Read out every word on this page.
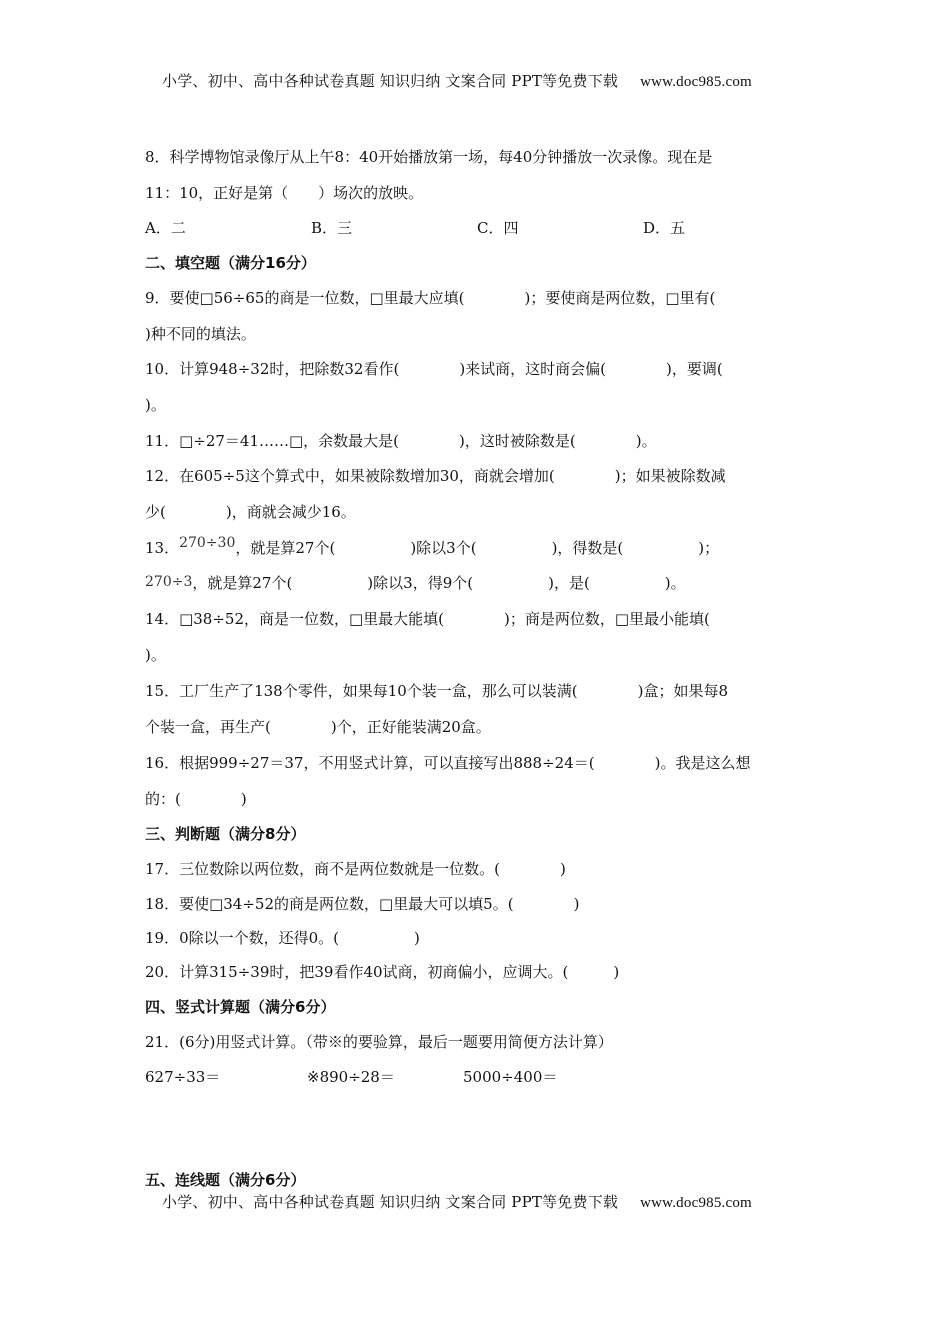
小学、初中、高中各种试卷真题 知识归纳 文案合同 PPT等免费下载 www.doc985.com
8．科学博物馆录像厅从上午8：40开始播放第一场，每40分钟播放一次录像。现在是
11：10，正好是第（　　）场次的放映。
A．二	B．三	C．四	D．五
二、填空题（满分16分）
9．要使□56÷65的商是一位数，□里最大应填(　　　　)；要使商是两位数，□里有(
)种不同的填法。
10．计算948÷32时，把除数32看作(　　　　)来试商，这时商会偏(　　　　)，要调(
)。
11．□÷27＝41……□，余数最大是(　　　　)，这时被除数是(　　　　)。
12．在605÷5这个算式中，如果被除数增加30，商就会增加(　　　　)；如果被除数减
少(　　　　)，商就会减少16。
13．270÷30，就是算27个(　　　　　)除以3个(　　　　　)，得数是(　　　　　)；
270÷3，就是算27个(　　　　　)除以3，得9个(　　　　　)，是(　　　　　)。
14．□38÷52，商是一位数，□里最大能填(　　　　)；商是两位数，□里最小能填(
)。
15．工厂生产了138个零件，如果每10个装一盒，那么可以装满(　　　　)盒；如果每8
个装一盒，再生产(　　　　)个，正好能装满20盒。
16．根据999÷27＝37，不用竖式计算，可以直接写出888÷24＝(　　　　)。我是这么想
的：(　　　　)
三、判断题（满分8分）
17．三位数除以两位数，商不是两位数就是一位数。(　　　　)
18．要使□34÷52的商是两位数，□里最大可以填5。(　　　　)
19．0除以一个数，还得0。(　　　　　)
20．计算315÷39时，把39看作40试商，初商偏小，应调大。(　　　)
四、竖式计算题（满分6分）
21．(6分)用竖式计算。（带※的要验算，最后一题要用简便方法计算）
627÷33＝	※890÷28＝	5000÷400＝
五、连线题（满分6分）
小学、初中、高中各种试卷真题 知识归纳 文案合同 PPT等免费下载 www.doc985.com
